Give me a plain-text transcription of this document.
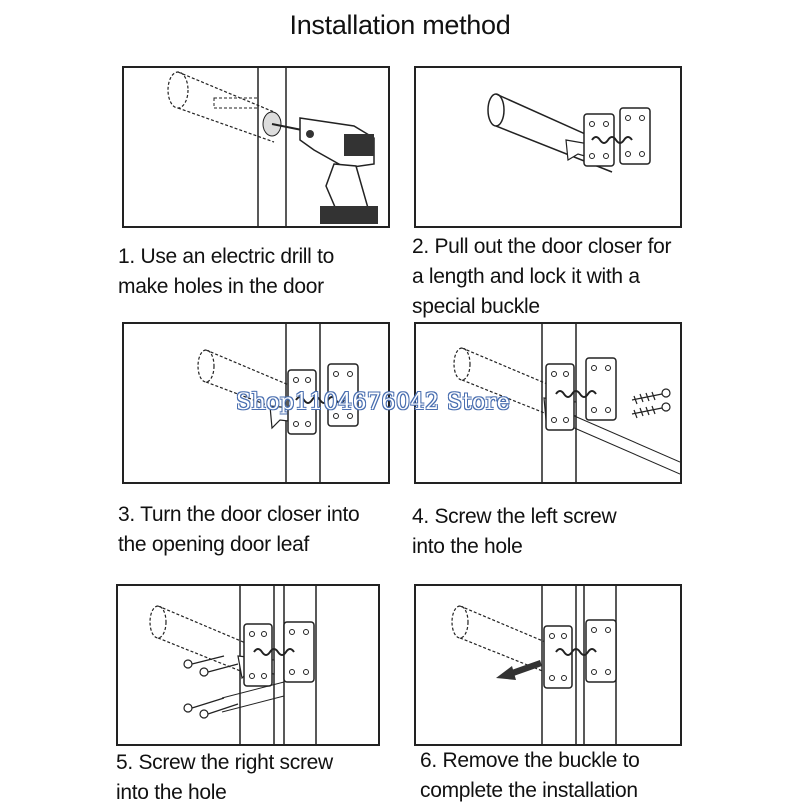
Installation method
1. Use an electric drill to
make holes in the door
2. Pull out the door closer for
a length and lock it with a
special buckle
3. Turn the door closer into
the opening door leaf
4. Screw the left screw
into the hole
5. Screw the right screw
into the hole
6. Remove the buckle to
complete the installation
Shop1104676042 Store
